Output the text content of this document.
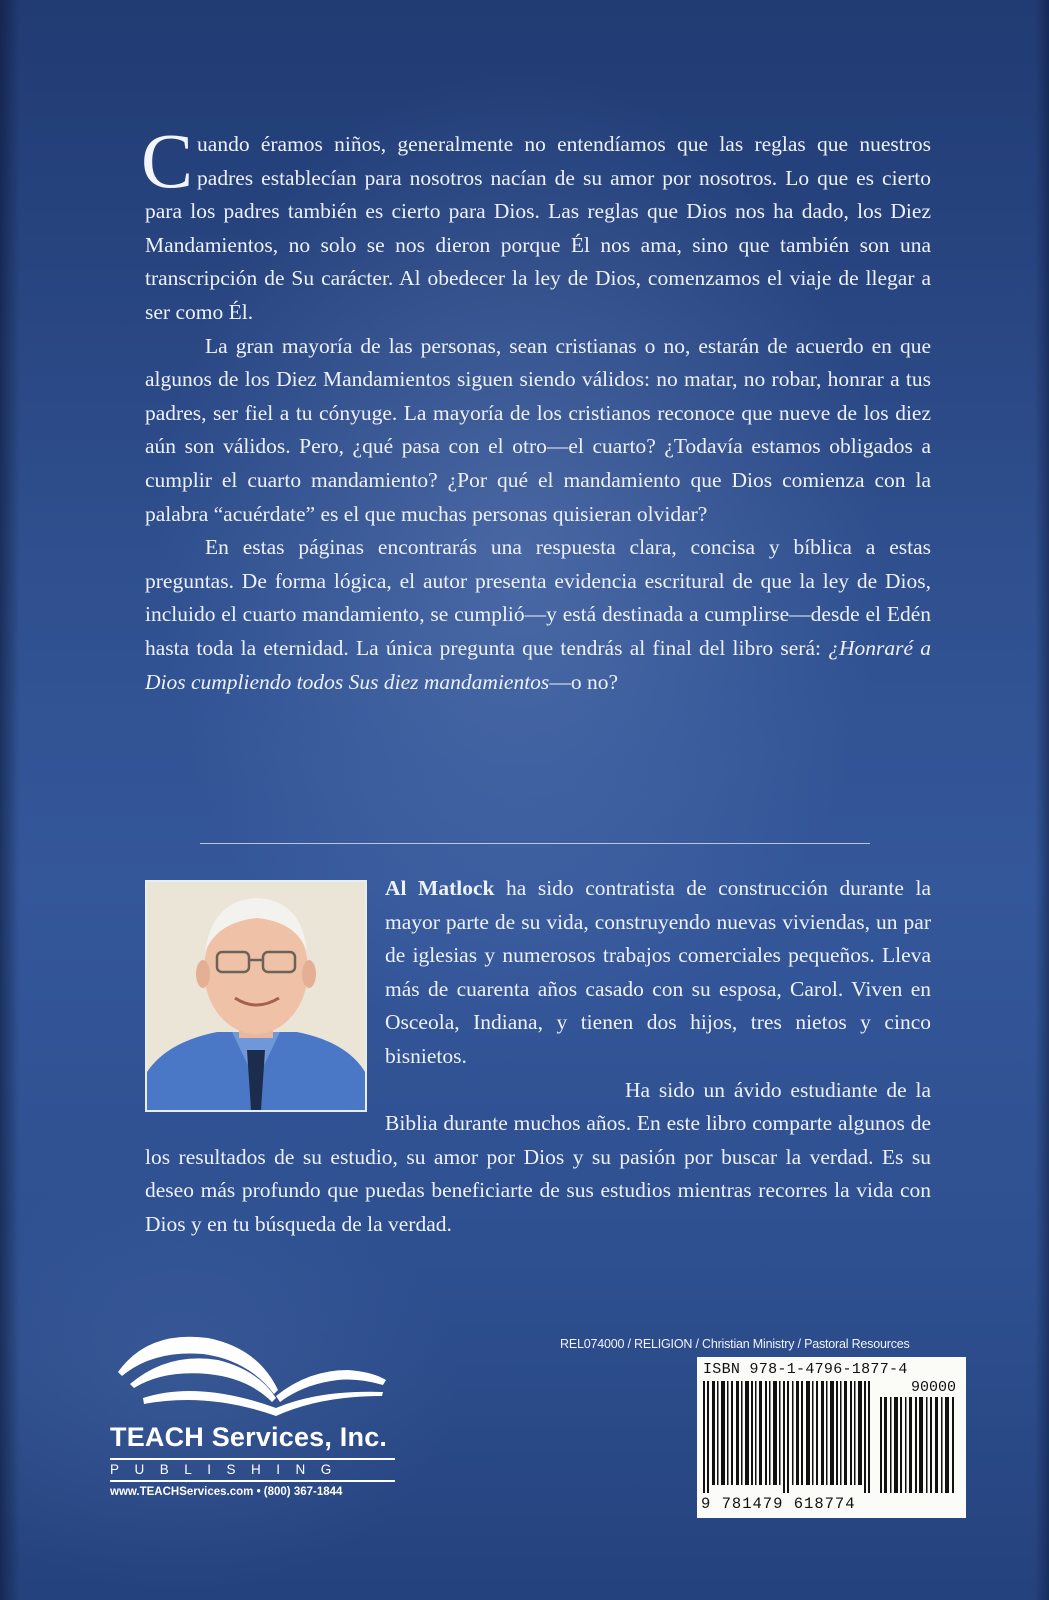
Cuando éramos niños, generalmente no entendíamos que las reglas que nuestros padres establecían para nosotros nacían de su amor por nosotros. Lo que es cierto para los padres también es cierto para Dios. Las reglas que Dios nos ha dado, los Diez Mandamientos, no solo se nos dieron porque Él nos ama, sino que también son una transcripción de Su carácter. Al obedecer la ley de Dios, comenzamos el viaje de llegar a ser como Él.

La gran mayoría de las personas, sean cristianas o no, estarán de acuerdo en que algunos de los Diez Mandamientos siguen siendo válidos: no matar, no robar, honrar a tus padres, ser fiel a tu cónyuge. La mayoría de los cristianos reconoce que nueve de los diez aún son válidos. Pero, ¿qué pasa con el otro—el cuarto? ¿Todavía estamos obligados a cumplir el cuarto mandamiento? ¿Por qué el mandamiento que Dios comienza con la palabra “acuérdate” es el que muchas personas quisieran olvidar?

En estas páginas encontrarás una respuesta clara, concisa y bíblica a estas preguntas. De forma lógica, el autor presenta evidencia escritural de que la ley de Dios, incluido el cuarto mandamiento, se cumplió—y está destinada a cumplirse—desde el Edén hasta toda la eternidad. La única pregunta que tendrás al final del libro será: ¿Honraré a Dios cumpliendo todos Sus diez mandamientos—o no?

Al Matlock ha sido contratista de construcción durante la mayor parte de su vida, construyendo nuevas viviendas, un par de iglesias y numerosos trabajos comerciales pequeños. Lleva más de cuarenta años casado con su esposa, Carol. Viven en Osceola, Indiana, y tienen dos hijos, tres nietos y cinco bisnietos.

Ha sido un ávido estudiante de la Biblia durante muchos años. En este libro comparte algunos de los resultados de su estudio, su amor por Dios y su pasión por buscar la verdad. Es su deseo más profundo que puedas beneficiarte de sus estudios mientras recorres la vida con Dios y en tu búsqueda de la verdad.

TEACH Services, Inc.
PUBLISHING
www.TEACHServices.com • (800) 367-1844
REL074000 / RELIGION / Christian Ministry / Pastoral Resources
ISBN 978-1-4796-1877-4
90000
9 781479 618774
